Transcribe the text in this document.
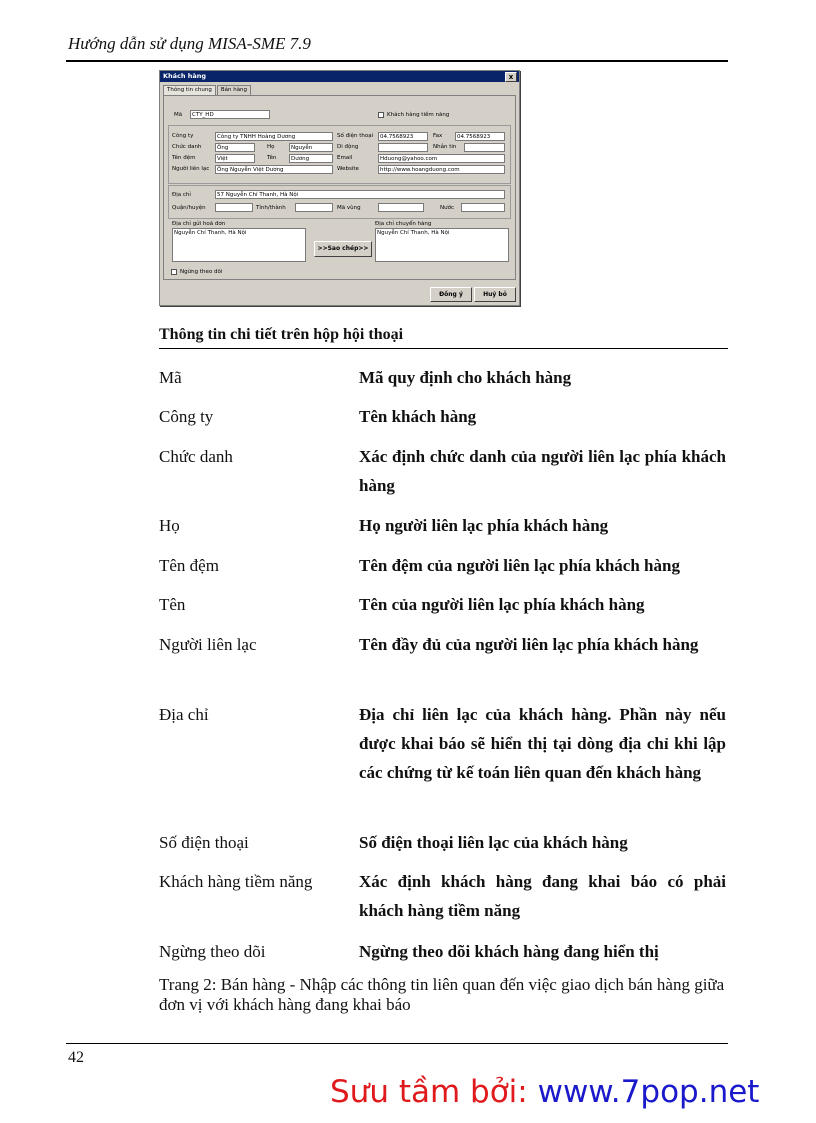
Hướng dẫn sử dụng MISA-SME 7.9
Khách hàng	x
Thông tin chung	Bán hàng
Mã	CTY_HD	Khách hàng tiềm năng
Công ty	Công ty TNHH Hoàng Dương	Số điện thoại	04.7568923	Fax	04.7568923
Chức danh	Ông	Họ	Nguyễn	Di động	Nhắn tin
Tên đệm	Việt	Tên	Dương	Email	Hduong@yahoo.com
Người liên lạc	Ông Nguyễn Việt Dương	Website	http://www.hoangduong.com
Địa chỉ	57 Nguyễn Chí Thanh, Hà Nội
Quận/huyện	Tỉnh/thành	Mã vùng	Nước
Địa chỉ gửi hoá đơn
Nguyễn Chí Thanh, Hà Nội
>>Sao chép>>
Địa chỉ chuyển hàng
Nguyễn Chí Thanh, Hà Nội
Ngừng theo dõi
Đồng ý	Huỷ bỏ
Thông tin chi tiết trên hộp hội thoại
Mã	Mã quy định cho khách hàng
Công ty	Tên khách hàng
Chức danh	Xác định chức danh của người liên lạc phía khách hàng
Họ	Họ người liên lạc phía khách hàng
Tên đệm	Tên đệm của người liên lạc phía khách hàng
Tên	Tên của người liên lạc phía khách hàng
Người liên lạc	Tên đầy đủ của người liên lạc phía khách hàng
Địa chỉ	Địa chỉ liên lạc của khách hàng. Phần này nếu được khai báo sẽ hiển thị tại dòng địa chỉ khi lập các chứng từ kế toán liên quan đến khách hàng
Số điện thoại	Số điện thoại liên lạc của khách hàng
Khách hàng tiềm năng	Xác định khách hàng đang khai báo có phải khách hàng tiềm năng
Ngừng theo dõi	Ngừng theo dõi khách hàng đang hiển thị
Trang 2: Bán hàng - Nhập các thông tin liên quan đến việc giao dịch bán hàng giữa đơn vị với khách hàng đang khai báo
42
Sưu tầm bởi: www.7pop.net
